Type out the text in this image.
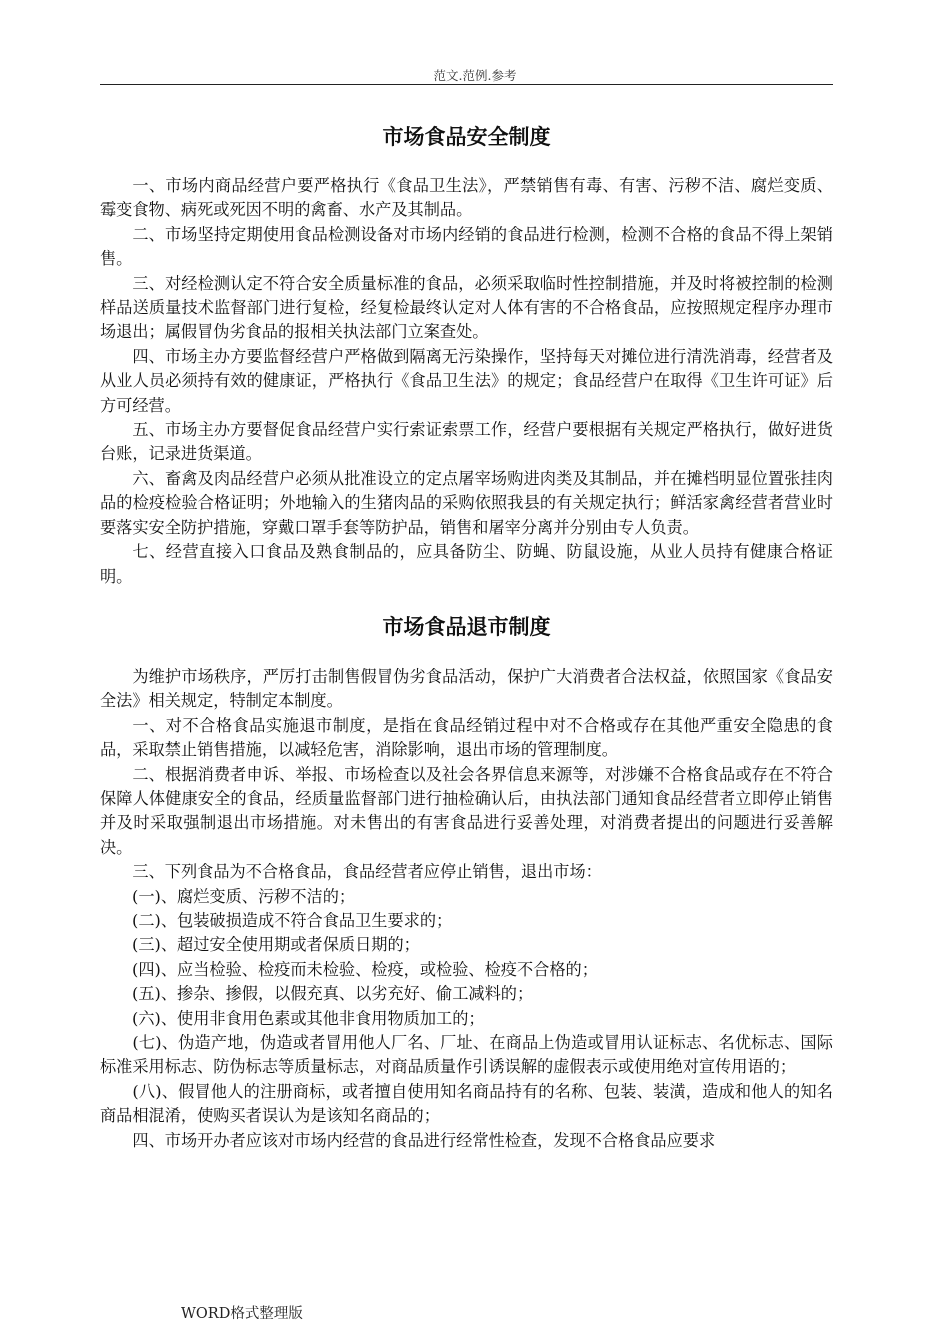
范文.范例.参考
市场食品安全制度

一、市场内商品经营户要严格执行《食品卫生法》，严禁销售有毒、有害、污秽不洁、腐烂变质、霉变食物、病死或死因不明的禽畜、水产及其制品。

二、市场坚持定期使用食品检测设备对市场内经销的食品进行检测，检测不合格的食品不得上架销售。

三、对经检测认定不符合安全质量标准的食品，必须采取临时性控制措施，并及时将被控制的检测样品送质量技术监督部门进行复检，经复检最终认定对人体有害的不合格食品，应按照规定程序办理市场退出；属假冒伪劣食品的报相关执法部门立案查处。

四、市场主办方要监督经营户严格做到隔离无污染操作，坚持每天对摊位进行清洗消毒，经营者及从业人员必须持有效的健康证，严格执行《食品卫生法》的规定；食品经营户在取得《卫生许可证》后方可经营。

五、市场主办方要督促食品经营户实行索证索票工作，经营户要根据有关规定严格执行，做好进货台账，记录进货渠道。

六、畜禽及肉品经营户必须从批准设立的定点屠宰场购进肉类及其制品，并在摊档明显位置张挂肉品的检疫检验合格证明；外地输入的生猪肉品的采购依照我县的有关规定执行；鲜活家禽经营者营业时要落实安全防护措施，穿戴口罩手套等防护品，销售和屠宰分离并分别由专人负责。

七、经营直接入口食品及熟食制品的，应具备防尘、防蝇、防鼠设施，从业人员持有健康合格证明。

市场食品退市制度

为维护市场秩序，严厉打击制售假冒伪劣食品活动，保护广大消费者合法权益，依照国家《食品安全法》相关规定，特制定本制度。

一、对不合格食品实施退市制度，是指在食品经销过程中对不合格或存在其他严重安全隐患的食品，采取禁止销售措施，以减轻危害，消除影响，退出市场的管理制度。

二、根据消费者申诉、举报、市场检查以及社会各界信息来源等，对涉嫌不合格食品或存在不符合保障人体健康安全的食品，经质量监督部门进行抽检确认后，由执法部门通知食品经营者立即停止销售并及时采取强制退出市场措施。对未售出的有害食品进行妥善处理，对消费者提出的问题进行妥善解决。

三、下列食品为不合格食品，食品经营者应停止销售，退出市场：

(一)、腐烂变质、污秽不洁的；

(二)、包装破损造成不符合食品卫生要求的；

(三)、超过安全使用期或者保质日期的；

(四)、应当检验、检疫而未检验、检疫，或检验、检疫不合格的；

(五)、掺杂、掺假，以假充真、以劣充好、偷工减料的；

(六)、使用非食用色素或其他非食用物质加工的；

(七)、伪造产地，伪造或者冒用他人厂名、厂址、在商品上伪造或冒用认证标志、名优标志、国际标准采用标志、防伪标志等质量标志，对商品质量作引诱误解的虚假表示或使用绝对宣传用语的；

(八)、假冒他人的注册商标，或者擅自使用知名商品持有的名称、包装、装潢，造成和他人的知名商品相混淆，使购买者误认为是该知名商品的；

四、市场开办者应该对市场内经营的食品进行经常性检查，发现不合格食品应要求

WORD格式整理版
